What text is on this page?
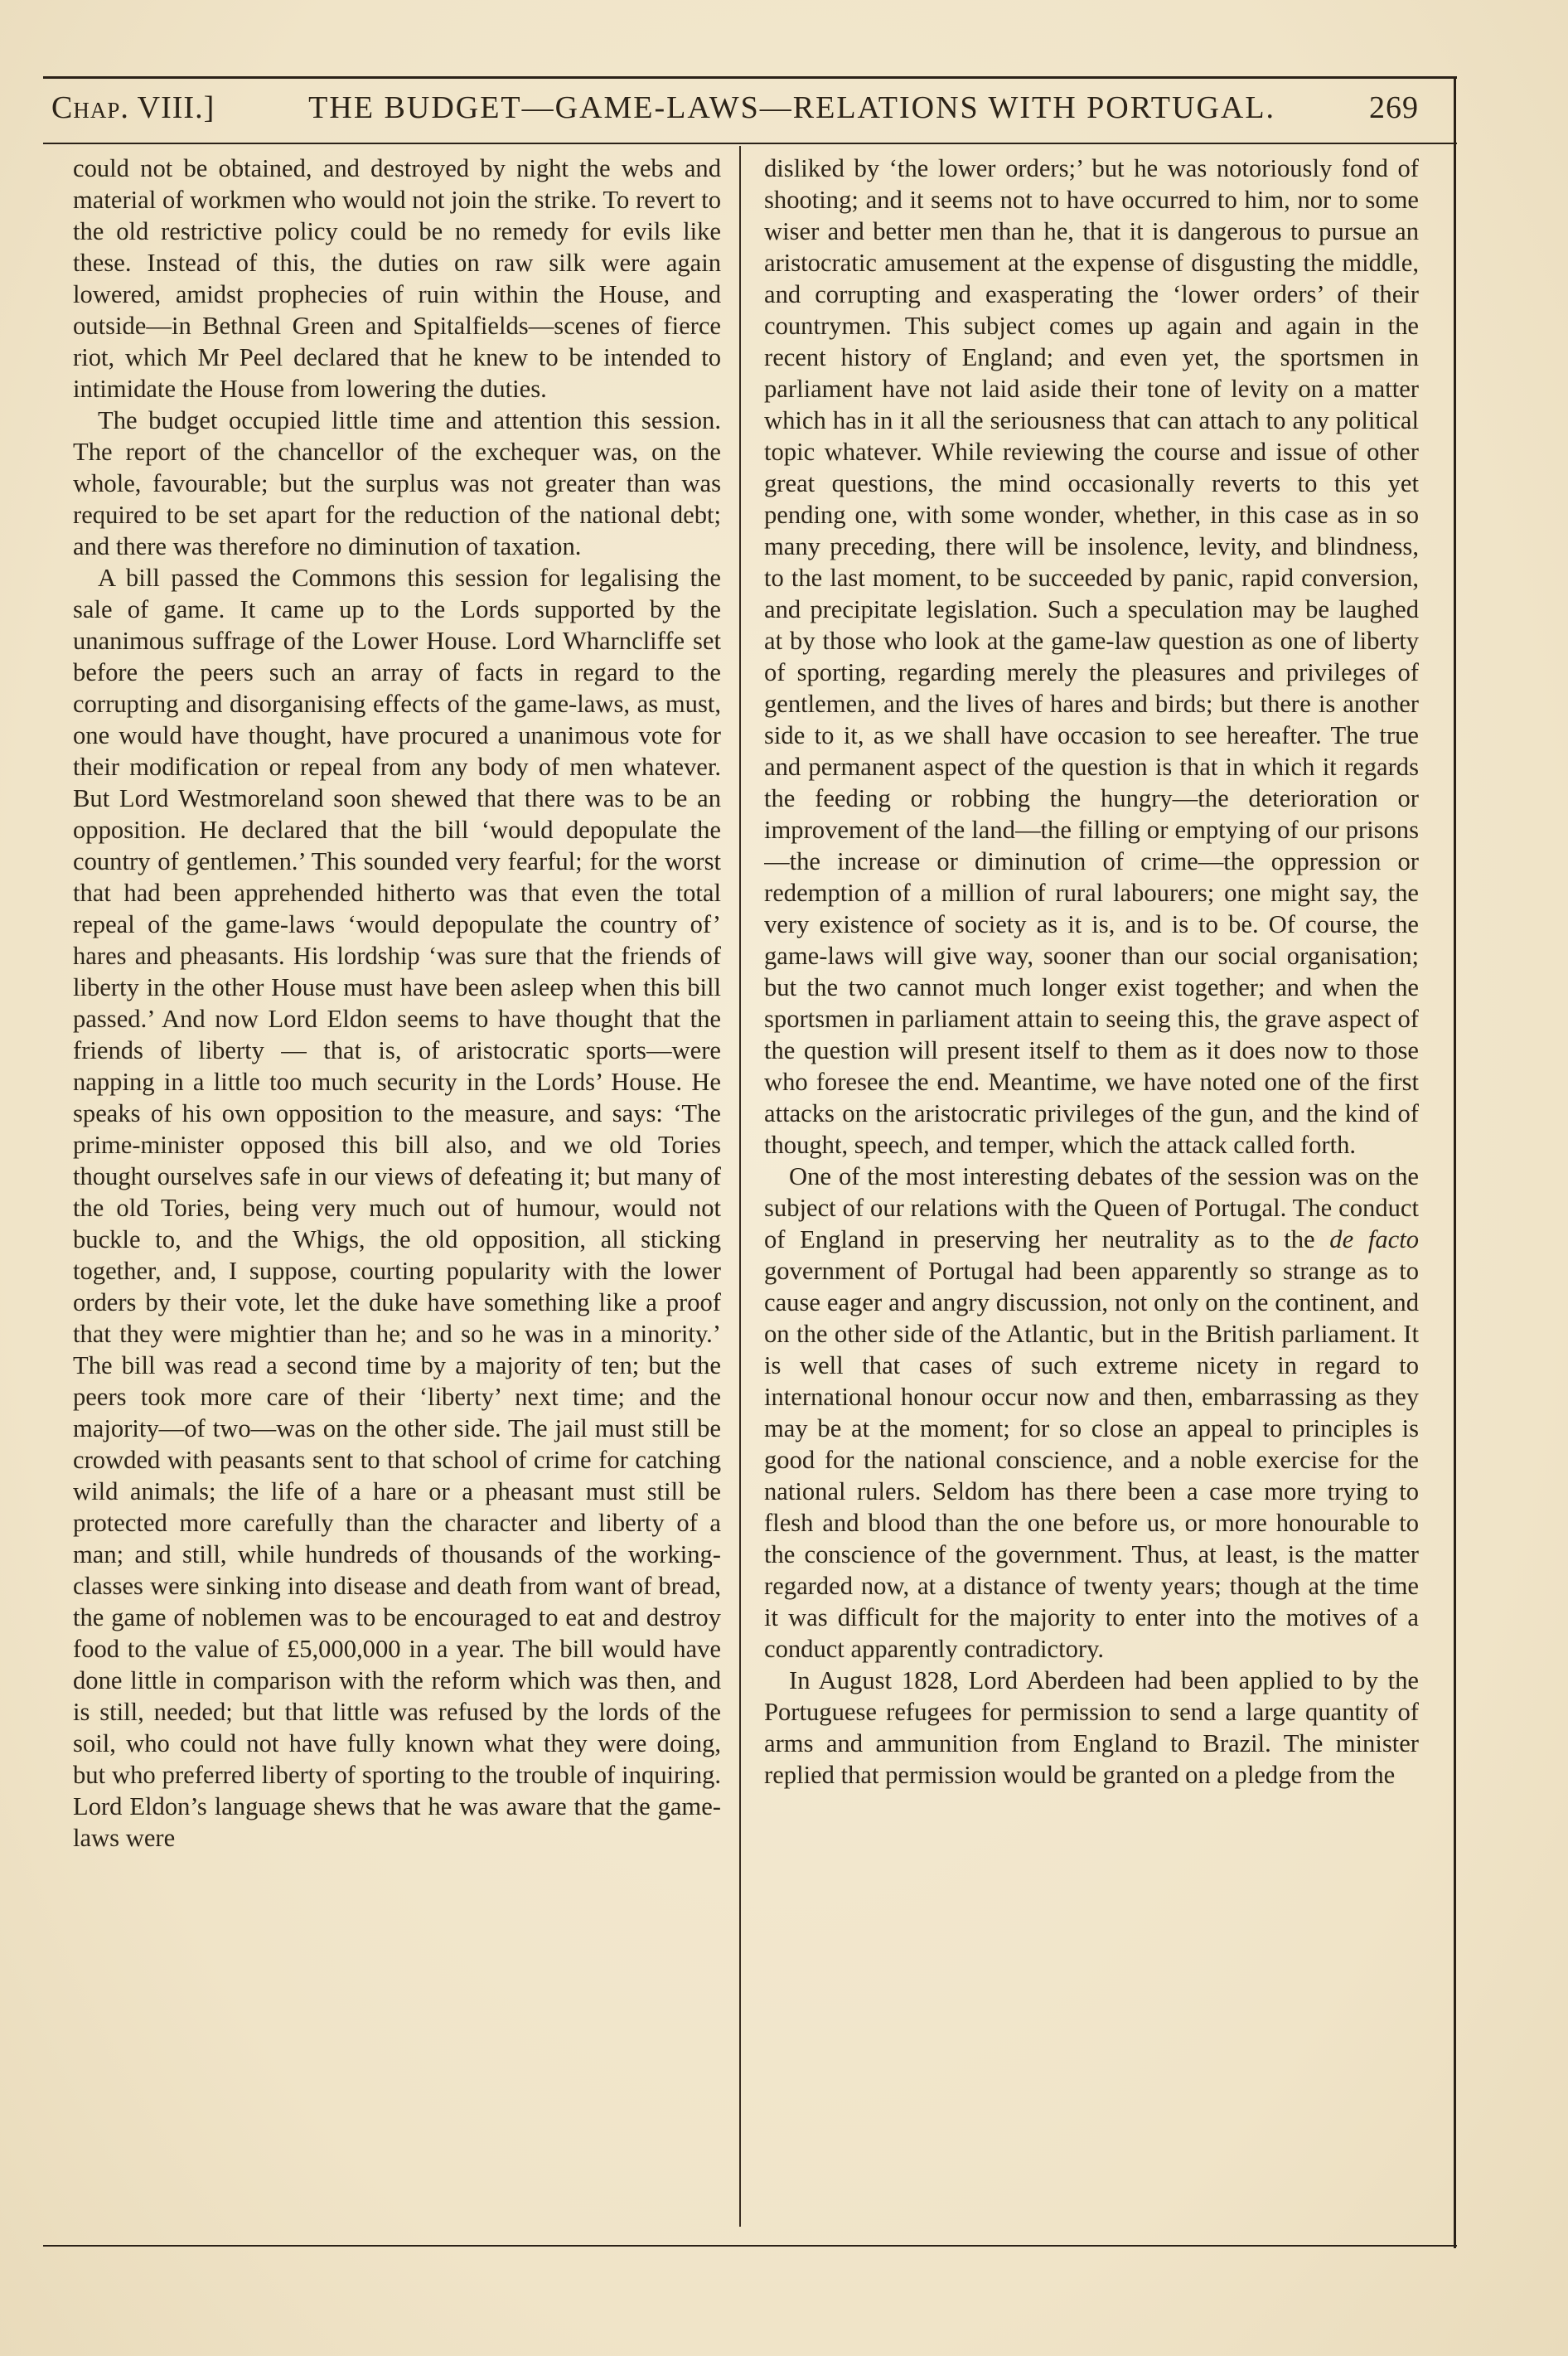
Chap. VIII.]	THE BUDGET—GAME-LAWS—RELATIONS WITH PORTUGAL.	269

could not be obtained, and destroyed by night the webs and material of workmen who would not join the strike. To revert to the old restrictive policy could be no remedy for evils like these. Instead of this, the duties on raw silk were again lowered, amidst prophecies of ruin within the House, and outside—in Bethnal Green and Spitalfields—scenes of fierce riot, which Mr Peel declared that he knew to be intended to intimidate the House from lowering the duties.

The budget occupied little time and attention this session. The report of the chancellor of the exchequer was, on the whole, favourable; but the surplus was not greater than was required to be set apart for the reduction of the national debt; and there was therefore no diminution of taxation.

A bill passed the Commons this session for legalising the sale of game. It came up to the Lords supported by the unanimous suffrage of the Lower House. Lord Wharncliffe set before the peers such an array of facts in regard to the corrupting and disorganising effects of the game-laws, as must, one would have thought, have procured a unanimous vote for their modification or repeal from any body of men whatever. But Lord Westmoreland soon shewed that there was to be an opposition. He declared that the bill ‘would depopulate the country of gentlemen.’ This sounded very fearful; for the worst that had been apprehended hitherto was that even the total repeal of the game-laws ‘would depopulate the country of’ hares and pheasants. His lordship ‘was sure that the friends of liberty in the other House must have been asleep when this bill passed.’ And now Lord Eldon seems to have thought that the friends of liberty — that is, of aristocratic sports—were napping in a little too much security in the Lords’ House. He speaks of his own opposition to the measure, and says: ‘The prime-minister opposed this bill also, and we old Tories thought ourselves safe in our views of defeating it; but many of the old Tories, being very much out of humour, would not buckle to, and the Whigs, the old opposition, all sticking together, and, I suppose, courting popularity with the lower orders by their vote, let the duke have something like a proof that they were mightier than he; and so he was in a minority.’ The bill was read a second time by a majority of ten; but the peers took more care of their ‘liberty’ next time; and the majority—of two—was on the other side. The jail must still be crowded with peasants sent to that school of crime for catching wild animals; the life of a hare or a pheasant must still be protected more carefully than the character and liberty of a man; and still, while hundreds of thousands of the working-classes were sinking into disease and death from want of bread, the game of noblemen was to be encouraged to eat and destroy food to the value of £5,000,000 in a year. The bill would have done little in comparison with the reform which was then, and is still, needed; but that little was refused by the lords of the soil, who could not have fully known what they were doing, but who preferred liberty of sporting to the trouble of inquiring. Lord Eldon’s language shews that he was aware that the game-laws were

disliked by ‘the lower orders;’ but he was notoriously fond of shooting; and it seems not to have occurred to him, nor to some wiser and better men than he, that it is dangerous to pursue an aristocratic amusement at the expense of disgusting the middle, and corrupting and exasperating the ‘lower orders’ of their countrymen. This subject comes up again and again in the recent history of England; and even yet, the sportsmen in parliament have not laid aside their tone of levity on a matter which has in it all the seriousness that can attach to any political topic whatever. While reviewing the course and issue of other great questions, the mind occasionally reverts to this yet pending one, with some wonder, whether, in this case as in so many preceding, there will be insolence, levity, and blindness, to the last moment, to be succeeded by panic, rapid conversion, and precipitate legislation. Such a speculation may be laughed at by those who look at the game-law question as one of liberty of sporting, regarding merely the pleasures and privileges of gentlemen, and the lives of hares and birds; but there is another side to it, as we shall have occasion to see hereafter. The true and permanent aspect of the question is that in which it regards the feeding or robbing the hungry—the deterioration or improvement of the land—the filling or emptying of our prisons—the increase or diminution of crime—the oppression or redemption of a million of rural labourers; one might say, the very existence of society as it is, and is to be. Of course, the game-laws will give way, sooner than our social organisation; but the two cannot much longer exist together; and when the sportsmen in parliament attain to seeing this, the grave aspect of the question will present itself to them as it does now to those who foresee the end. Meantime, we have noted one of the first attacks on the aristocratic privileges of the gun, and the kind of thought, speech, and temper, which the attack called forth.

One of the most interesting debates of the session was on the subject of our relations with the Queen of Portugal. The conduct of England in preserving her neutrality as to the de facto government of Portugal had been apparently so strange as to cause eager and angry discussion, not only on the continent, and on the other side of the Atlantic, but in the British parliament. It is well that cases of such extreme nicety in regard to international honour occur now and then, embarrassing as they may be at the moment; for so close an appeal to principles is good for the national conscience, and a noble exercise for the national rulers. Seldom has there been a case more trying to flesh and blood than the one before us, or more honourable to the conscience of the government. Thus, at least, is the matter regarded now, at a distance of twenty years; though at the time it was difficult for the majority to enter into the motives of a conduct apparently contradictory.

In August 1828, Lord Aberdeen had been applied to by the Portuguese refugees for permission to send a large quantity of arms and ammunition from England to Brazil. The minister replied that permission would be granted on a pledge from the
